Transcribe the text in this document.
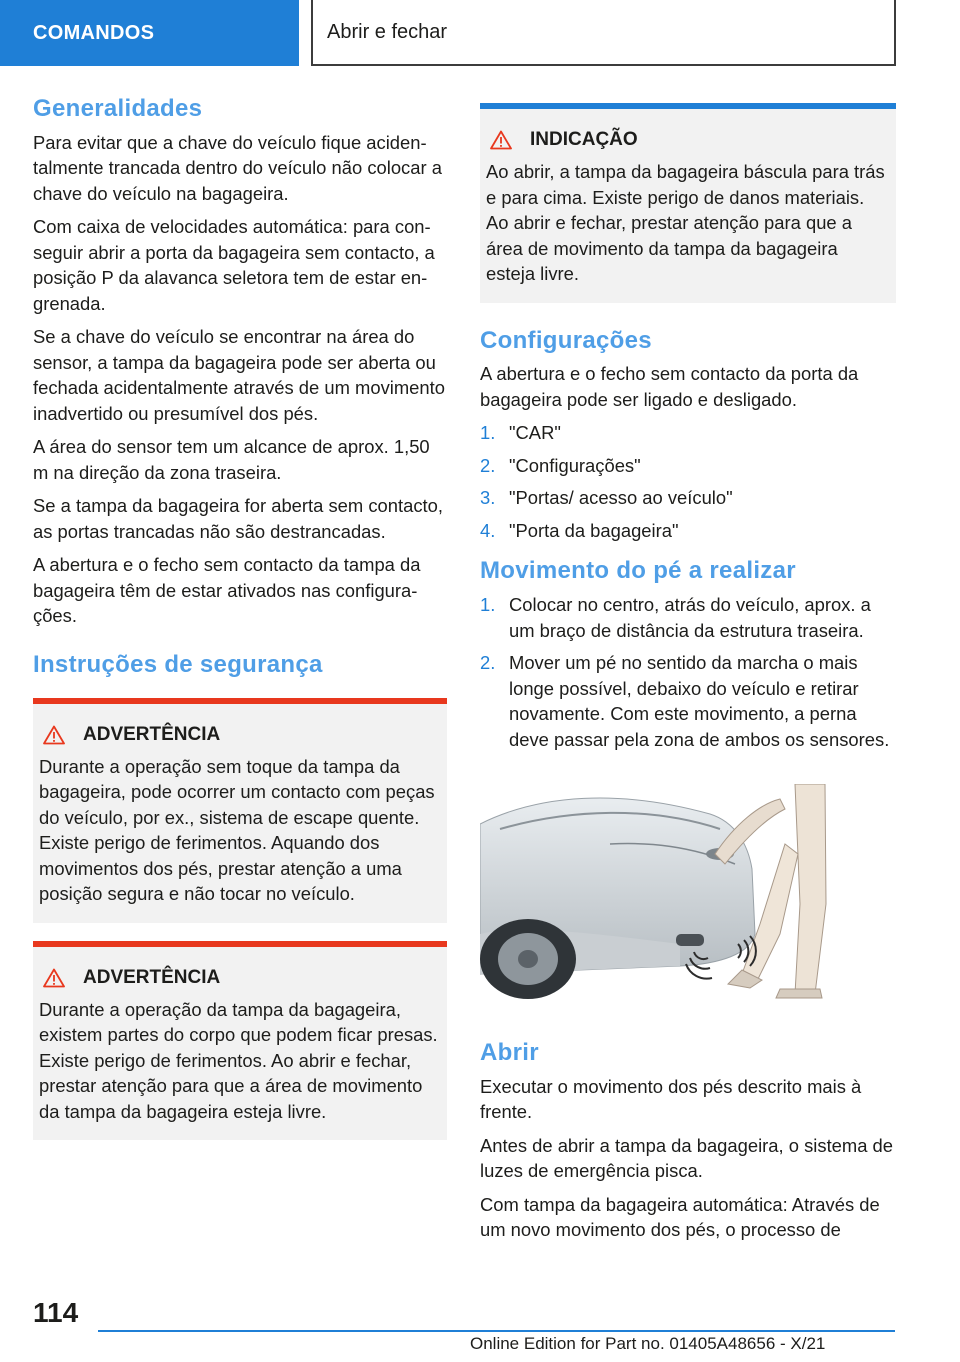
COMANDOS	Abrir e fechar
Generalidades

Para evitar que a chave do veículo fique acidentalmente trancada dentro do veículo não colocar a chave do veículo na bagageira.

Com caixa de velocidades automática: para conseguir abrir a porta da bagageira sem contacto, a posição P da alavanca seletora tem de estar engrenada.

Se a chave do veículo se encontrar na área do sensor, a tampa da bagageira pode ser aberta ou fechada acidentalmente através de um movimento inadvertido ou presumível dos pés.

A área do sensor tem um alcance de aprox. 1,50 m na direção da zona traseira.

Se a tampa da bagageira for aberta sem contacto, as portas trancadas não são destrancadas.

A abertura e o fecho sem contacto da tampa da bagageira têm de estar ativados nas configurações.

Instruções de segurança
ADVERTÊNCIA

Durante a operação sem toque da tampa da bagageira, pode ocorrer um contacto com peças do veículo, por ex., sistema de escape quente. Existe perigo de ferimentos. Aquando dos movimentos dos pés, prestar atenção a uma posição segura e não tocar no veículo.

ADVERTÊNCIA

Durante a operação da tampa da bagageira, existem partes do corpo que podem ficar presas. Existe perigo de ferimentos. Ao abrir e fechar, prestar atenção para que a área de movimento da tampa da bagageira esteja livre.

INDICAÇÃO

Ao abrir, a tampa da bagageira báscula para trás e para cima. Existe perigo de danos materiais. Ao abrir e fechar, prestar atenção para que a área de movimento da tampa da bagageira esteja livre.

Configurações

A abertura e o fecho sem contacto da porta da bagageira pode ser ligado e desligado.

1. "CAR"
2. "Configurações"
3. "Portas/ acesso ao veículo"
4. "Porta da bagageira"
Movimento do pé a realizar
1. Colocar no centro, atrás do veículo, aprox. a um braço de distância da estrutura traseira.
2. Mover um pé no sentido da marcha o mais longe possível, debaixo do veículo e retirar novamente. Com este movimento, a perna deve passar pela zona de ambos os sensores.
Abrir

Executar o movimento dos pés descrito mais à frente.

Antes de abrir a tampa da bagageira, o sistema de luzes de emergência pisca.

Com tampa da bagageira automática: Através de um novo movimento dos pés, o processo de

114
Online Edition for Part no. 01405A48656 - X/21
